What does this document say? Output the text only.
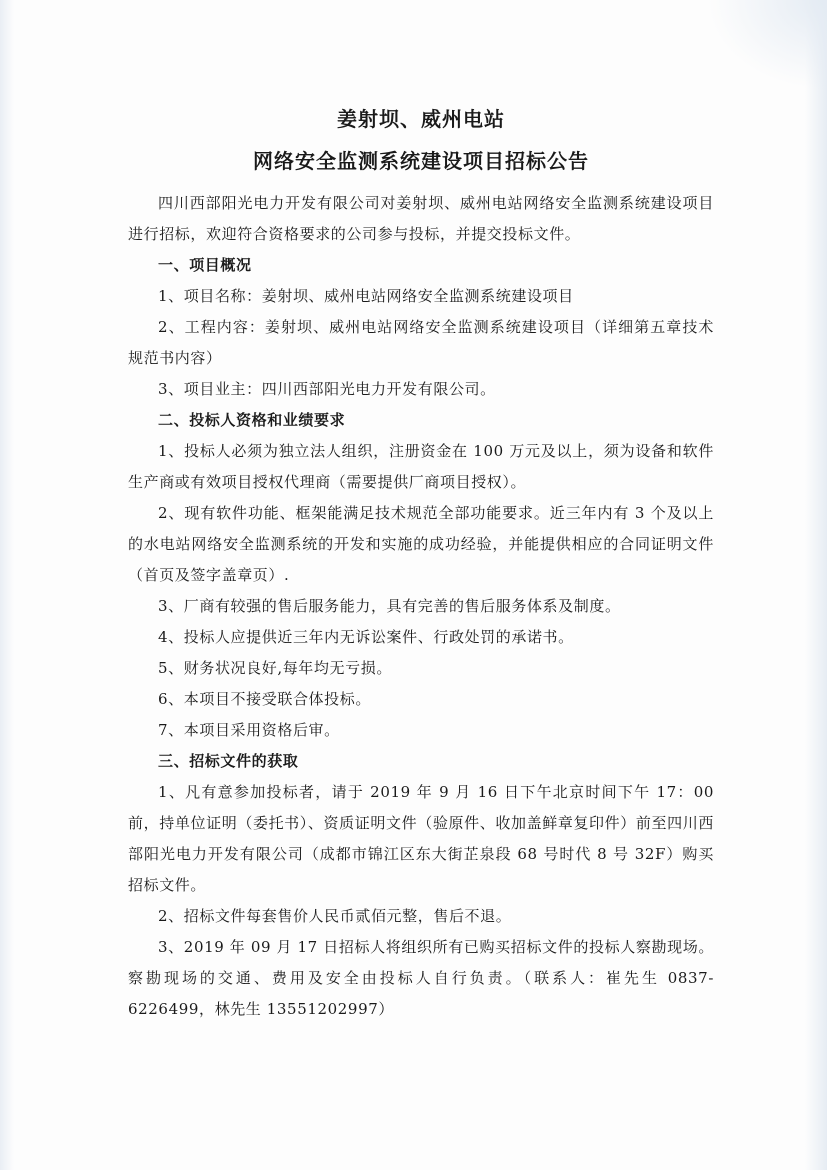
姜射坝、威州电站
网络安全监测系统建设项目招标公告

四川西部阳光电力开发有限公司对姜射坝、威州电站网络安全监测系统建设项目进行招标，欢迎符合资格要求的公司参与投标，并提交投标文件。

一、项目概况

1、项目名称：姜射坝、威州电站网络安全监测系统建设项目

2、工程内容：姜射坝、威州电站网络安全监测系统建设项目（详细第五章技术规范书内容）

3、项目业主：四川西部阳光电力开发有限公司。

二、投标人资格和业绩要求

1、投标人必须为独立法人组织，注册资金在 100 万元及以上，须为设备和软件生产商或有效项目授权代理商（需要提供厂商项目授权）。

2、现有软件功能、框架能满足技术规范全部功能要求。近三年内有 3 个及以上的水电站网络安全监测系统的开发和实施的成功经验，并能提供相应的合同证明文件（首页及签字盖章页）.

3、厂商有较强的售后服务能力，具有完善的售后服务体系及制度。

4、投标人应提供近三年内无诉讼案件、行政处罚的承诺书。

5、财务状况良好,每年均无亏损。

6、本项目不接受联合体投标。

7、本项目采用资格后审。

三、招标文件的获取

1、凡有意参加投标者，请于 2019 年 9 月 16 日下午北京时间下午 17：00 前，持单位证明（委托书）、资质证明文件（验原件、收加盖鲜章复印件）前至四川西部阳光电力开发有限公司（成都市锦江区东大街芷泉段 68 号时代 8 号 32F）购买招标文件。

2、招标文件每套售价人民币贰佰元整，售后不退。

3、2019 年 09 月 17 日招标人将组织所有已购买招标文件的投标人察勘现场。察勘现场的交通、费用及安全由投标人自行负责。（联系人：崔先生 0837-6226499，林先生 13551202997）
